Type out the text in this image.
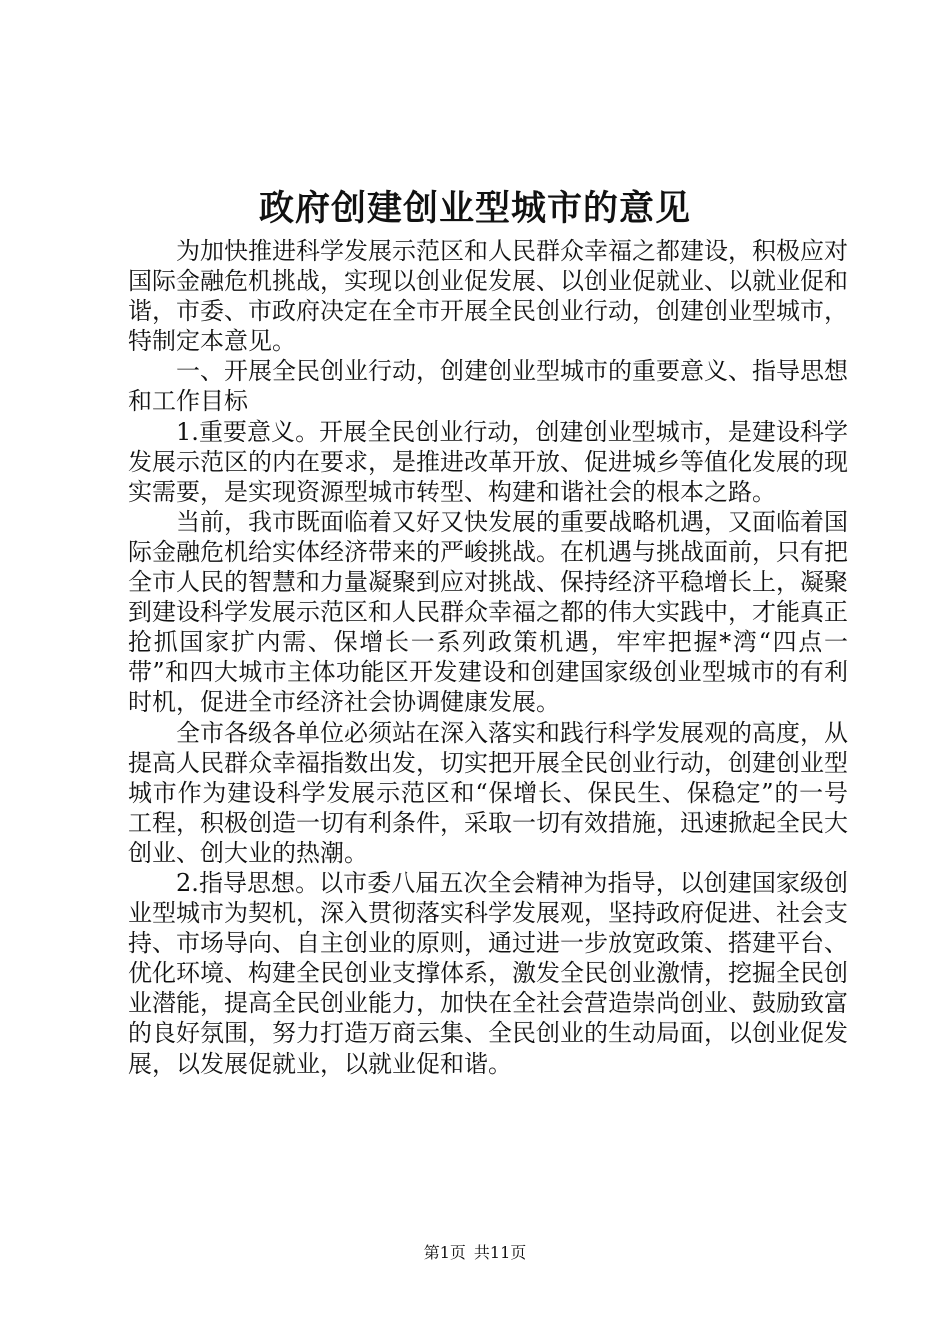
政府创建创业型城市的意见

为加快推进科学发展示范区和人民群众幸福之都建设，积极应对国际金融危机挑战，实现以创业促发展、以创业促就业、以就业促和谐，市委、市政府决定在全市开展全民创业行动，创建创业型城市，特制定本意见。

一、开展全民创业行动，创建创业型城市的重要意义、指导思想和工作目标

1.重要意义。开展全民创业行动，创建创业型城市，是建设科学发展示范区的内在要求，是推进改革开放、促进城乡等值化发展的现实需要，是实现资源型城市转型、构建和谐社会的根本之路。

当前，我市既面临着又好又快发展的重要战略机遇，又面临着国际金融危机给实体经济带来的严峻挑战。在机遇与挑战面前，只有把全市人民的智慧和力量凝聚到应对挑战、保持经济平稳增长上，凝聚到建设科学发展示范区和人民群众幸福之都的伟大实践中，才能真正抢抓国家扩内需、保增长一系列政策机遇，牢牢把握*湾“四点一带”和四大城市主体功能区开发建设和创建国家级创业型城市的有利时机，促进全市经济社会协调健康发展。

全市各级各单位必须站在深入落实和践行科学发展观的高度，从提高人民群众幸福指数出发，切实把开展全民创业行动，创建创业型城市作为建设科学发展示范区和“保增长、保民生、保稳定”的一号工程，积极创造一切有利条件，采取一切有效措施，迅速掀起全民大创业、创大业的热潮。

2.指导思想。以市委八届五次全会精神为指导，以创建国家级创业型城市为契机，深入贯彻落实科学发展观，坚持政府促进、社会支持、市场导向、自主创业的原则，通过进一步放宽政策、搭建平台、优化环境、构建全民创业支撑体系，激发全民创业激情，挖掘全民创业潜能，提高全民创业能力，加快在全社会营造崇尚创业、鼓励致富的良好氛围，努力打造万商云集、全民创业的生动局面，以创业促发展，以发展促就业，以就业促和谐。

第1页 共11页
